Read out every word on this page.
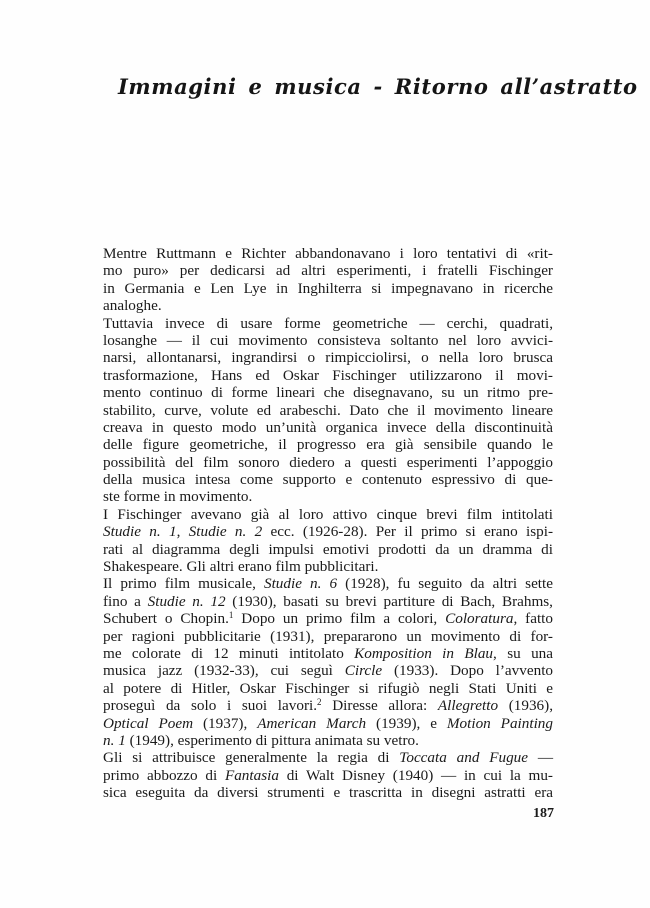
Immagini e musica - Ritorno all’astratto
Mentre Ruttmann e Richter abbandonavano i loro tentativi di «rit-
mo puro» per dedicarsi ad altri esperimenti, i fratelli Fischinger
in Germania e Len Lye in Inghilterra si impegnavano in ricerche
analoghe.
Tuttavia invece di usare forme geometriche — cerchi, quadrati,
losanghe — il cui movimento consisteva soltanto nel loro avvici-
narsi, allontanarsi, ingrandirsi o rimpicciolirsi, o nella loro brusca
trasformazione, Hans ed Oskar Fischinger utilizzarono il movi-
mento continuo di forme lineari che disegnavano, su un ritmo pre-
stabilito, curve, volute ed arabeschi. Dato che il movimento lineare
creava in questo modo un’unità organica invece della discontinuità
delle figure geometriche, il progresso era già sensibile quando le
possibilità del film sonoro diedero a questi esperimenti l’appoggio
della musica intesa come supporto e contenuto espressivo di que-
ste forme in movimento.
I Fischinger avevano già al loro attivo cinque brevi film intitolati
Studie n. 1, Studie n. 2 ecc. (1926-28). Per il primo si erano ispi-
rati al diagramma degli impulsi emotivi prodotti da un dramma di
Shakespeare. Gli altri erano film pubblicitari.
Il primo film musicale, Studie n. 6 (1928), fu seguito da altri sette
fino a Studie n. 12 (1930), basati su brevi partiture di Bach, Brahms,
Schubert o Chopin.$^1$ Dopo un primo film a colori, Coloratura, fatto
per ragioni pubblicitarie (1931), prepararono un movimento di for-
me colorate di 12 minuti intitolato Komposition in Blau, su una
musica jazz (1932-33), cui seguì Circle (1933). Dopo l’avvento
al potere di Hitler, Oskar Fischinger si rifugiò negli Stati Uniti e
proseguì da solo i suoi lavori.$^2$ Diresse allora: Allegretto (1936),
Optical Poem (1937), American March (1939), e Motion Painting
n. 1 (1949), esperimento di pittura animata su vetro.
Gli si attribuisce generalmente la regia di Toccata and Fugue —
primo abbozzo di Fantasia di Walt Disney (1940) — in cui la mu-
sica eseguita da diversi strumenti e trascritta in disegni astratti era
187
